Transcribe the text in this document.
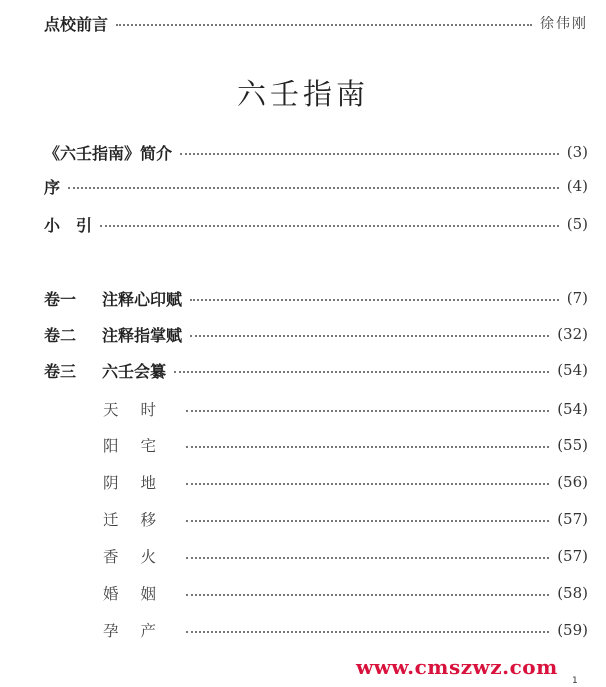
点校前言	徐伟刚
六壬指南
《六壬指南》简介	(3)
序	(4)
小　引	(5)
卷一	注释心印赋	(7)
卷二	注释指掌赋	(32)
卷三	六壬会纂	(54)
天时	(54)
阳宅	(55)
阴地	(56)
迁移	(57)
香火	(57)
婚姻	(58)
孕产	(59)
www.cmszwz.com
1
